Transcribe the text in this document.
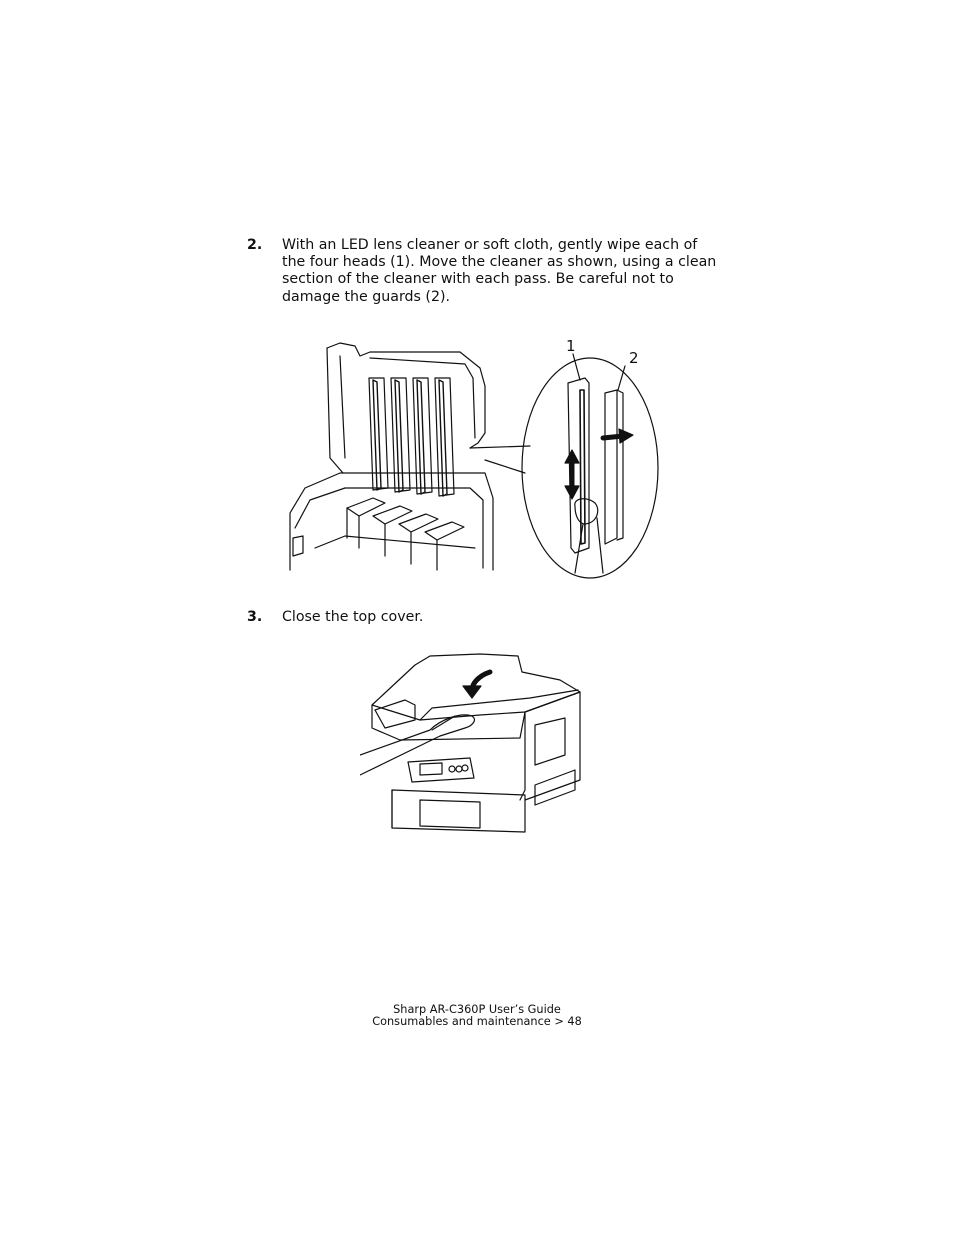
2. With an LED lens cleaner or soft cloth, gently wipe each of
the four heads (1). Move the cleaner as shown, using a clean
section of the cleaner with each pass. Be careful not to
damage the guards (2).
1
2
3. Close the top cover.
Sharp AR-C360P User’s Guide
Consumables and maintenance > 48
